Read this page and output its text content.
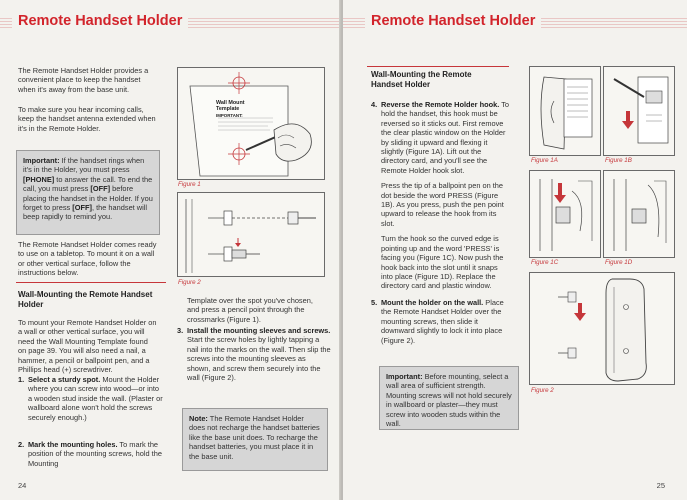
Remote Handset Holder

The Remote Handset Holder provides a convenient place to keep the handset when it's away from the base unit.

To make sure you hear incoming calls, keep the handset antenna extended when it's in the Remote Holder.

Important: If the handset rings when it's in the Holder, you must press [PHONE] to answer the call. To end the call, you must press [OFF] before placing the handset in the Holder. If you forget to press [OFF], the handset will beep rapidly to remind you.

The Remote Handset Holder comes ready to use on a tabletop. To mount it on a wall or other vertical surface, follow the instructions below.

Wall-Mounting the Remote Handset Holder

To mount your Remote Handset Holder on a wall or other vertical surface, you will need the Wall Mounting Template found on page 39. You will also need a nail, a hammer, a pencil or ballpoint pen, and a Phillips head (+) screwdriver.

1. Select a sturdy spot. Mount the Holder where you can screw into wood—or into a wooden stud inside the wall. (Plaster or wallboard alone won't hold the screws securely enough.)
2. Mark the mounting holes. To mark the position of the mounting screws, hold the Mounting
24
Wall Mount Template
IMPORTANT:
Figure 1
Figure 2

Template over the spot you've chosen, and press a pencil point through the crossmarks (Figure 1).

3. Install the mounting sleeves and screws. Start the screw holes by lightly tapping a nail into the marks on the wall. Then slip the screws into the mounting sleeves as shown, and screw them securely into the wall (Figure 2).
Note: The Remote Handset Holder does not recharge the handset batteries like the base unit does. To recharge the handset batteries, you must place it in the base unit.
Remote Handset Holder
Wall-Mounting the Remote Handset Holder
4. Reverse the Remote Holder hook. To hold the handset, this hook must be reversed so it sticks out. First remove the clear plastic window on the Holder by sliding it upward and flexing it slightly (Figure 1A). Lift out the directory card, and you'll see the Remote Holder hook slot.
Press the tip of a ballpoint pen on the dot beside the word PRESS (Figure 1B). As you press, push the pen point upward to release the hook from its slot.
Turn the hook so the curved edge is pointing up and the word 'PRESS' is facing you (Figure 1C). Now push the hook back into the slot until it snaps into place (Figure 1D). Replace the directory card and plastic window.
5. Mount the holder on the wall. Place the Remote Handset Holder over the mounting screws, then slide it downward slightly to lock it into place (Figure 2).
Important: Before mounting, select a wall area of sufficient strength. Mounting screws will not hold securely in wallboard or plaster—they must screw into wooden studs within the wall.
25
Figure 1A	Figure 1B
Figure 1C	Figure 1D
Figure 2
